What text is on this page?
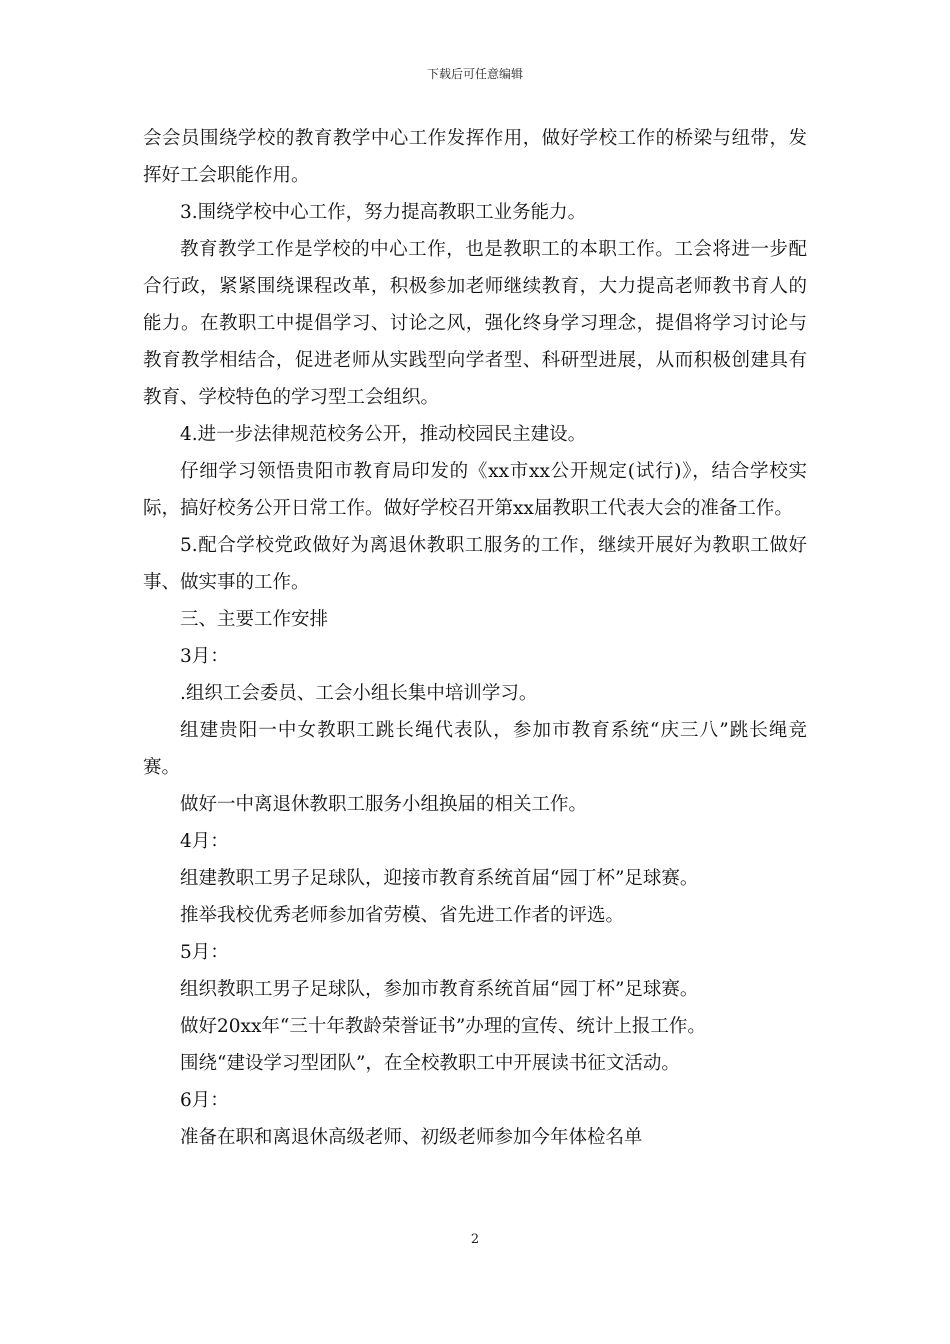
下载后可任意编辑

会会员围绕学校的教育教学中心工作发挥作用，做好学校工作的桥梁与纽带，发挥好工会职能作用。

3.围绕学校中心工作，努力提高教职工业务能力。

教育教学工作是学校的中心工作，也是教职工的本职工作。工会将进一步配合行政，紧紧围绕课程改革，积极参加老师继续教育，大力提高老师教书育人的能力。在教职工中提倡学习、讨论之风，强化终身学习理念，提倡将学习讨论与教育教学相结合，促进老师从实践型向学者型、科研型进展，从而积极创建具有教育、学校特色的学习型工会组织。

4.进一步法律规范校务公开，推动校园民主建设。

仔细学习领悟贵阳市教育局印发的《xx市xx公开规定(试行)》，结合学校实际，搞好校务公开日常工作。做好学校召开第xx届教职工代表大会的准备工作。

5.配合学校党政做好为离退休教职工服务的工作，继续开展好为教职工做好事、做实事的工作。

三、主要工作安排

3月：

.组织工会委员、工会小组长集中培训学习。

组建贵阳一中女教职工跳长绳代表队，参加市教育系统“庆三八”跳长绳竞赛。

做好一中离退休教职工服务小组换届的相关工作。

4月：

组建教职工男子足球队，迎接市教育系统首届“园丁杯”足球赛。

推举我校优秀老师参加省劳模、省先进工作者的评选。

5月：

组织教职工男子足球队，参加市教育系统首届“园丁杯”足球赛。

做好20xx年“三十年教龄荣誉证书”办理的宣传、统计上报工作。

围绕“建设学习型团队”，在全校教职工中开展读书征文活动。

6月：

准备在职和离退休高级老师、初级老师参加今年体检名单

2
